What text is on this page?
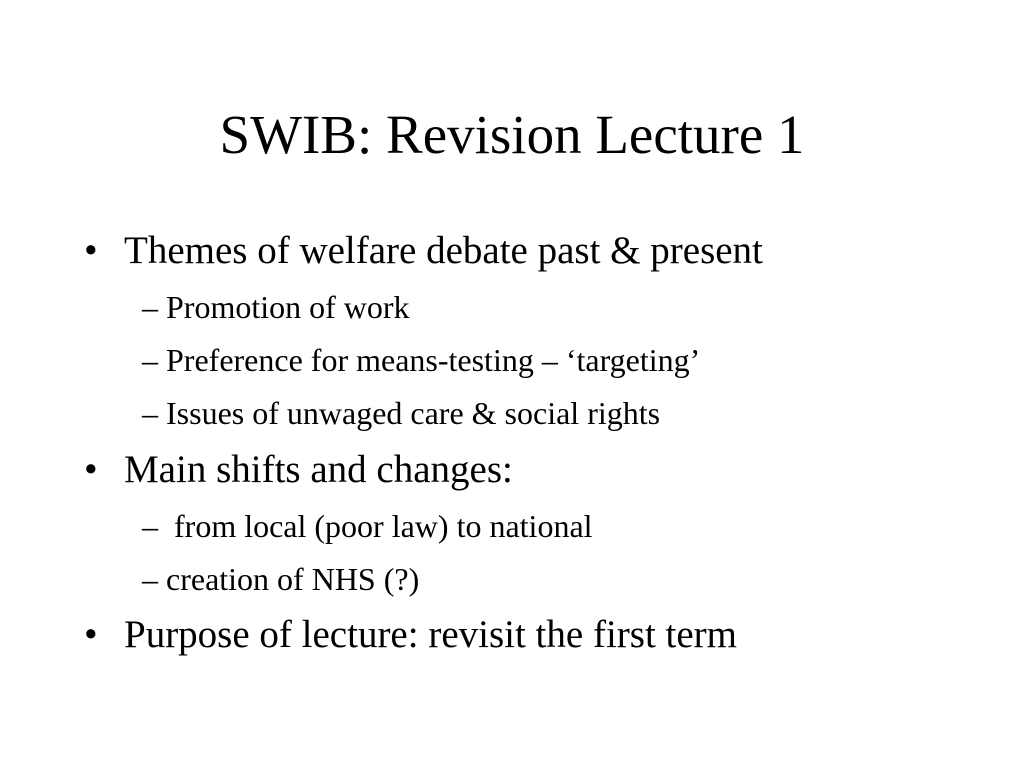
SWIB: Revision Lecture 1
• Themes of welfare debate past & present
– Promotion of work
– Preference for means-testing – ‘targeting’
– Issues of unwaged care & social rights
• Main shifts and changes:
–  from local (poor law) to national
– creation of NHS (?)
• Purpose of lecture: revisit the first term
